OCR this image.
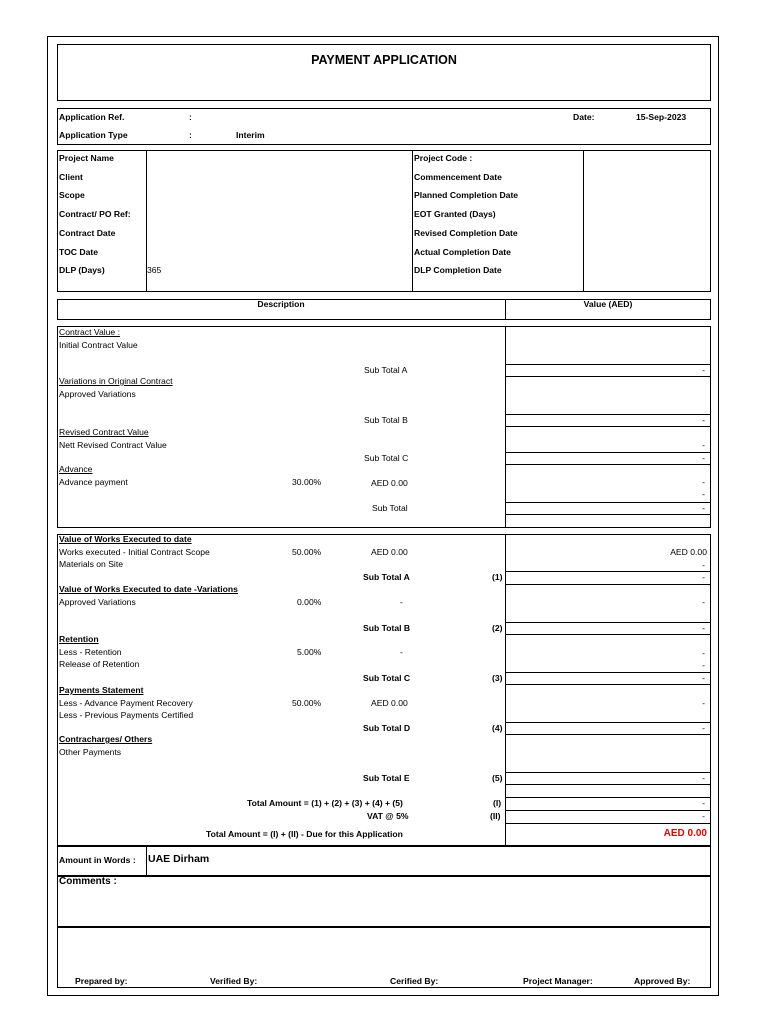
PAYMENT APPLICATION
Application Ref.	:
Application Type	:	Interim
Date:	15-Sep-2023
Project Name
Client
Scope
Contract/ PO Ref:
Contract Date
TOC Date
DLP (Days)	365
Project Code :
Commencement Date
Planned Completion Date
EOT Granted (Days)
Revised Completion Date
Actual Completion Date
DLP Completion Date
Description	Value (AED)
Contract Value :
Initial Contract Value
Sub Total A	-
Variations in Original Contract
Approved Variations
Sub Total B	-
Revised Contract Value
Nett Revised Contract Value	-
Sub Total C	-
Advance
Advance payment	30.00%	AED 0.00	-
-
Sub Total	-
Value of Works Executed to date
Works executed - Initial Contract Scope	50.00%	AED 0.00	AED 0.00
Materials on Site	-
Sub Total A	(1)	-
Value of Works Executed to date -Variations
Approved Variations	0.00%	-	-
Sub Total B	(2)	-
Retention
Less - Retention	5.00%	-	-
Release of Retention	-
Sub Total C	(3)	-
Payments Statement
Less - Advance Payment Recovery	50.00%	AED 0.00	-
Less - Previous Payments Certified
Sub Total D	(4)	-
Contracharges/ Others
Other Payments
Sub Total E	(5)	-
Total Amount = (1) + (2) + (3) + (4) + (5)	(I)	-
VAT @ 5%	(II)	-
Total Amount = (I) + (II) - Due for this Application	AED 0.00
Amount in Words : UAE Dirham
Comments :
Prepared by:	Verified By:	Cerified By:	Project Manager:	Approved By:
